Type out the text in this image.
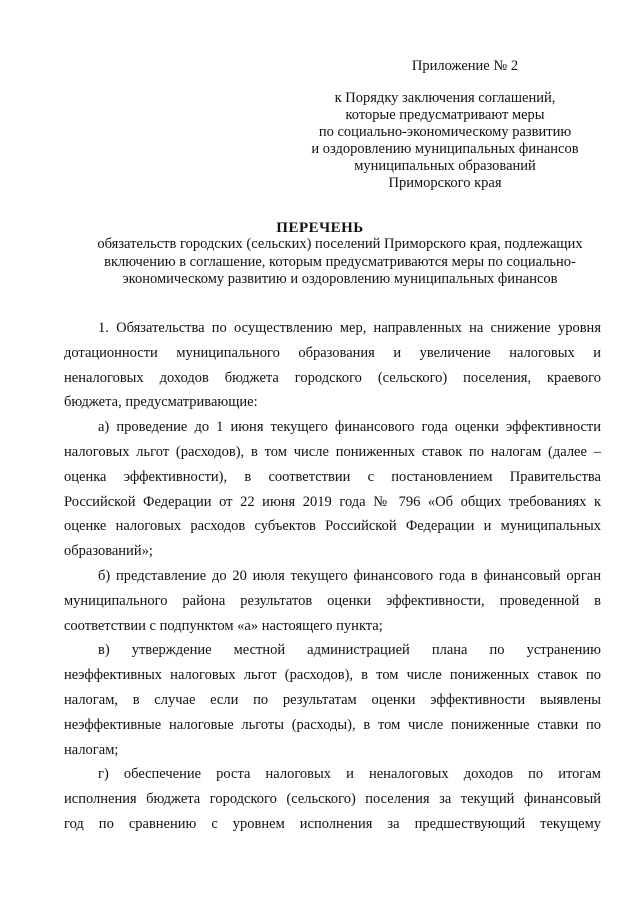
Приложение № 2
к Порядку заключения соглашений,
которые предусматривают меры
по социально-экономическому развитию
и оздоровлению муниципальных финансов
муниципальных образований
Приморского края
ПЕРЕЧЕНЬ
обязательств городских (сельских) поселений Приморского края, подлежащих
включению в соглашение, которым предусматриваются меры по социально-
экономическому развитию и оздоровлению муниципальных финансов
1. Обязательства по осуществлению мер, направленных на снижение уровня
дотационности муниципального образования и увеличение налоговых и
неналоговых доходов бюджета городского (сельского) поселения, краевого
бюджета, предусматривающие:
а) проведение до 1 июня текущего финансового года оценки эффективности
налоговых льгот (расходов), в том числе пониженных ставок по налогам (далее –
оценка эффективности), в соответствии с постановлением Правительства
Российской Федерации от 22 июня 2019 года № 796 «Об общих требованиях к
оценке налоговых расходов субъектов Российской Федерации и муниципальных
образований»;
б) представление до 20 июля текущего финансового года в финансовый орган
муниципального района результатов оценки эффективности, проведенной в
соответствии с подпунктом «а» настоящего пункта;
в) утверждение местной администрацией плана по устранению
неэффективных налоговых льгот (расходов), в том числе пониженных ставок по
налогам, в случае если по результатам оценки эффективности выявлены
неэффективные налоговые льготы (расходы), в том числе пониженные ставки по
налогам;
г) обеспечение роста налоговых и неналоговых доходов по итогам
исполнения бюджета городского (сельского) поселения за текущий финансовый
год по сравнению с уровнем исполнения за предшествующий текущему
